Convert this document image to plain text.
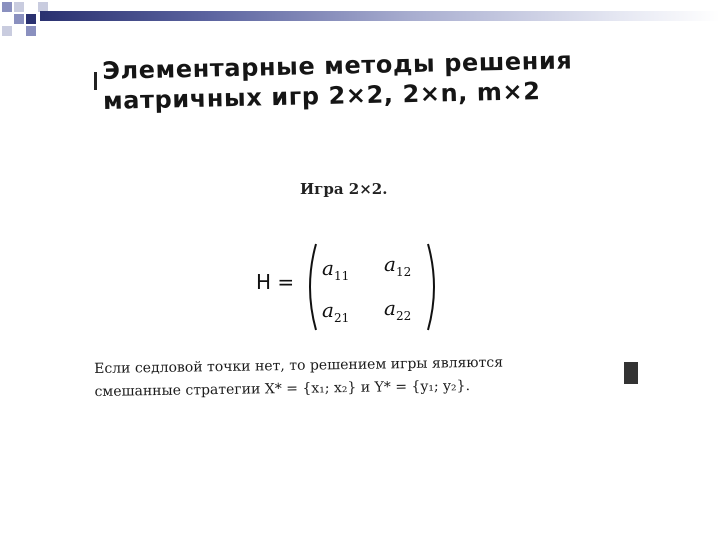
Элементарные методы решения
матричных игр 2×2, 2×n, m×2
Игра 2×2.
H =
$a_{11}$ $a_{12}$
$a_{21}$ $a_{22}$
Если седловой точки нет, то решением игры являются
смешанные стратегии X* = {x₁; x₂} и Y* = {y₁; y₂}.
